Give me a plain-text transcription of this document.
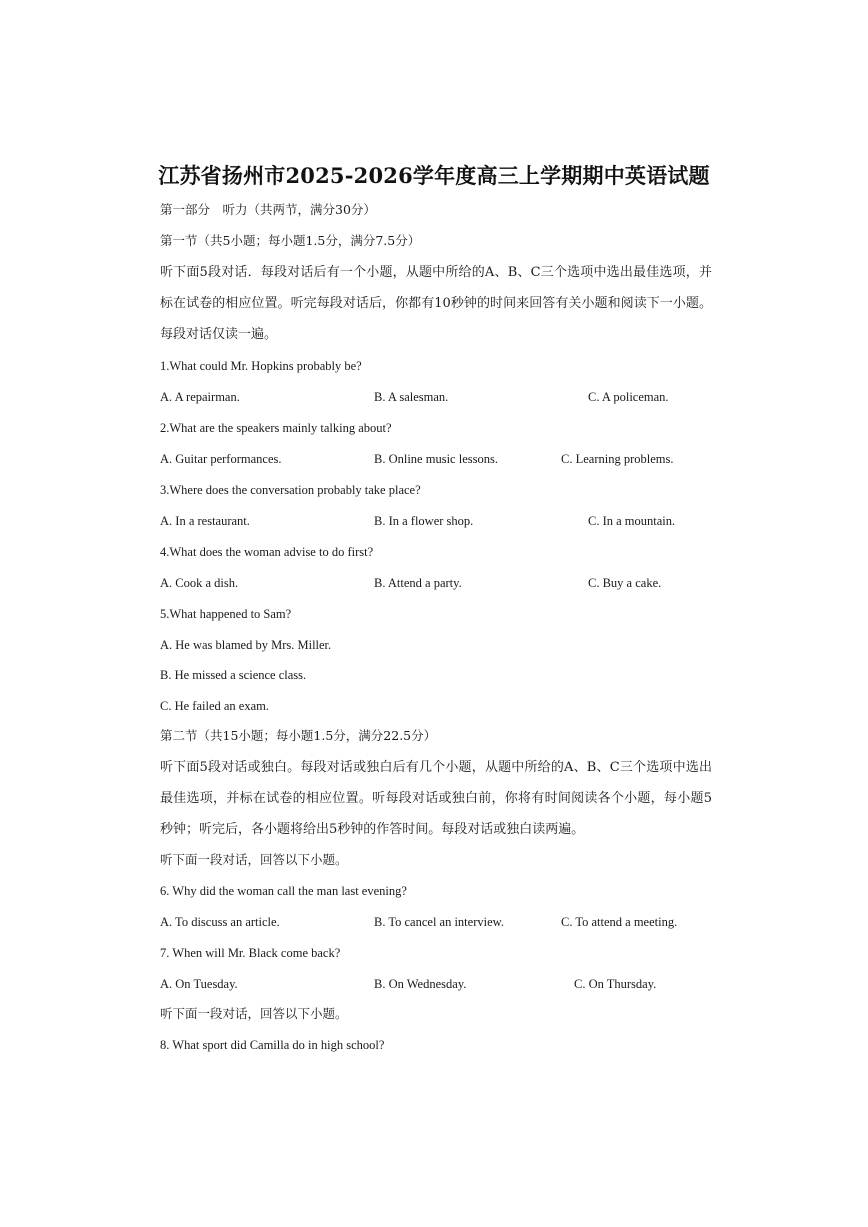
江苏省扬州市2025-2026学年度高三上学期期中英语试题
第一部分　听力（共两节，满分30分）
第一节（共5小题；每小题1.5分，满分7.5分）
听下面5段对话．每段对话后有一个小题，从题中所给的A、B、C三个选项中选出最佳选项，并标在试卷的相应位置。听完每段对话后，你都有10秒钟的时间来回答有关小题和阅读下一小题。每段对话仅读一遍。
1.What could Mr. Hopkins probably be?
A. A repairman.	B. A salesman.	C. A policeman.
2.What are the speakers mainly talking about?
A. Guitar performances.	B. Online music lessons.	C. Learning problems.
3.Where does the conversation probably take place?
A. In a restaurant.	B. In a flower shop.	C. In a mountain.
4.What does the woman advise to do first?
A. Cook a dish.	B. Attend a party.	C. Buy a cake.
5.What happened to Sam?
A. He was blamed by Mrs. Miller.
B. He missed a science class.
C. He failed an exam.
第二节（共15小题；每小题1.5分，满分22.5分）
听下面5段对话或独白。每段对话或独白后有几个小题，从题中所给的A、B、C三个选项中选出最佳选项，并标在试卷的相应位置。听每段对话或独白前，你将有时间阅读各个小题，每小题5秒钟；听完后，各小题将给出5秒钟的作答时间。每段对话或独白读两遍。
听下面一段对话，回答以下小题。
6. Why did the woman call the man last evening?
A. To discuss an article.	B. To cancel an interview.	C. To attend a meeting.
7. When will Mr. Black come back?
A. On Tuesday.	B. On Wednesday.	C. On Thursday.
听下面一段对话，回答以下小题。
8. What sport did Camilla do in high school?
